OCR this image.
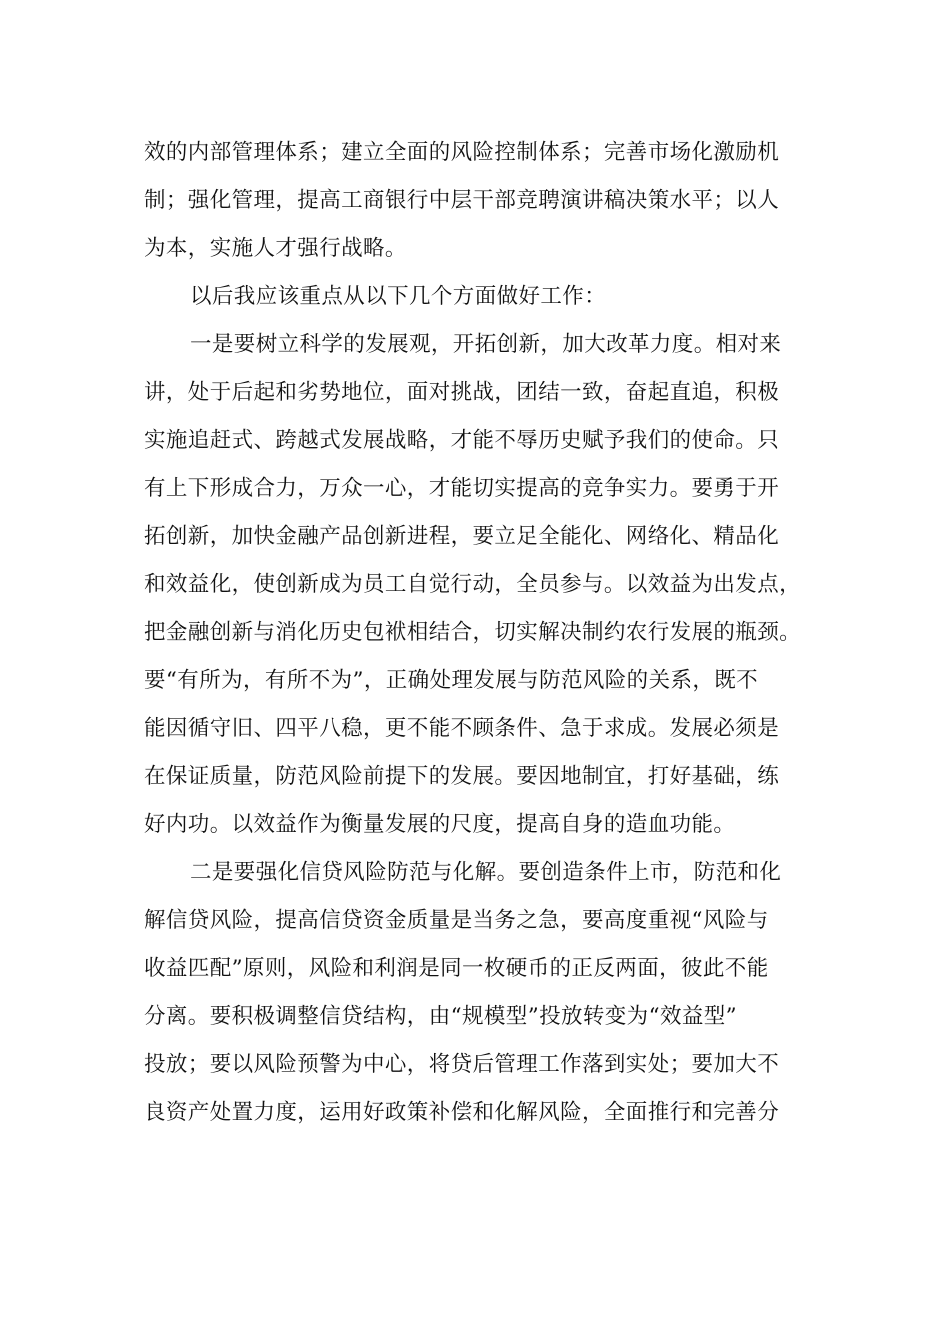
效的内部管理体系；建立全面的风险控制体系；完善市场化激励机
制；强化管理，提高工商银行中层干部竞聘演讲稿决策水平；以人
为本，实施人才强行战略。
以后我应该重点从以下几个方面做好工作：
一是要树立科学的发展观，开拓创新，加大改革力度。相对来
讲，处于后起和劣势地位，面对挑战，团结一致，奋起直追，积极
实施追赶式、跨越式发展战略，才能不辱历史赋予我们的使命。只
有上下形成合力，万众一心，才能切实提高的竞争实力。要勇于开
拓创新，加快金融产品创新进程，要立足全能化、网络化、精品化
和效益化，使创新成为员工自觉行动，全员参与。以效益为出发点，
把金融创新与消化历史包袱相结合，切实解决制约农行发展的瓶颈。
要“有所为，有所不为”，正确处理发展与防范风险的关系，既不
能因循守旧、四平八稳，更不能不顾条件、急于求成。发展必须是
在保证质量，防范风险前提下的发展。要因地制宜，打好基础，练
好内功。以效益作为衡量发展的尺度，提高自身的造血功能。
二是要强化信贷风险防范与化解。要创造条件上市，防范和化
解信贷风险，提高信贷资金质量是当务之急，要高度重视“风险与
收益匹配”原则，风险和利润是同一枚硬币的正反两面，彼此不能
分离。要积极调整信贷结构，由“规模型”投放转变为“效益型”
投放；要以风险预警为中心，将贷后管理工作落到实处；要加大不
良资产处置力度，运用好政策补偿和化解风险，全面推行和完善分
